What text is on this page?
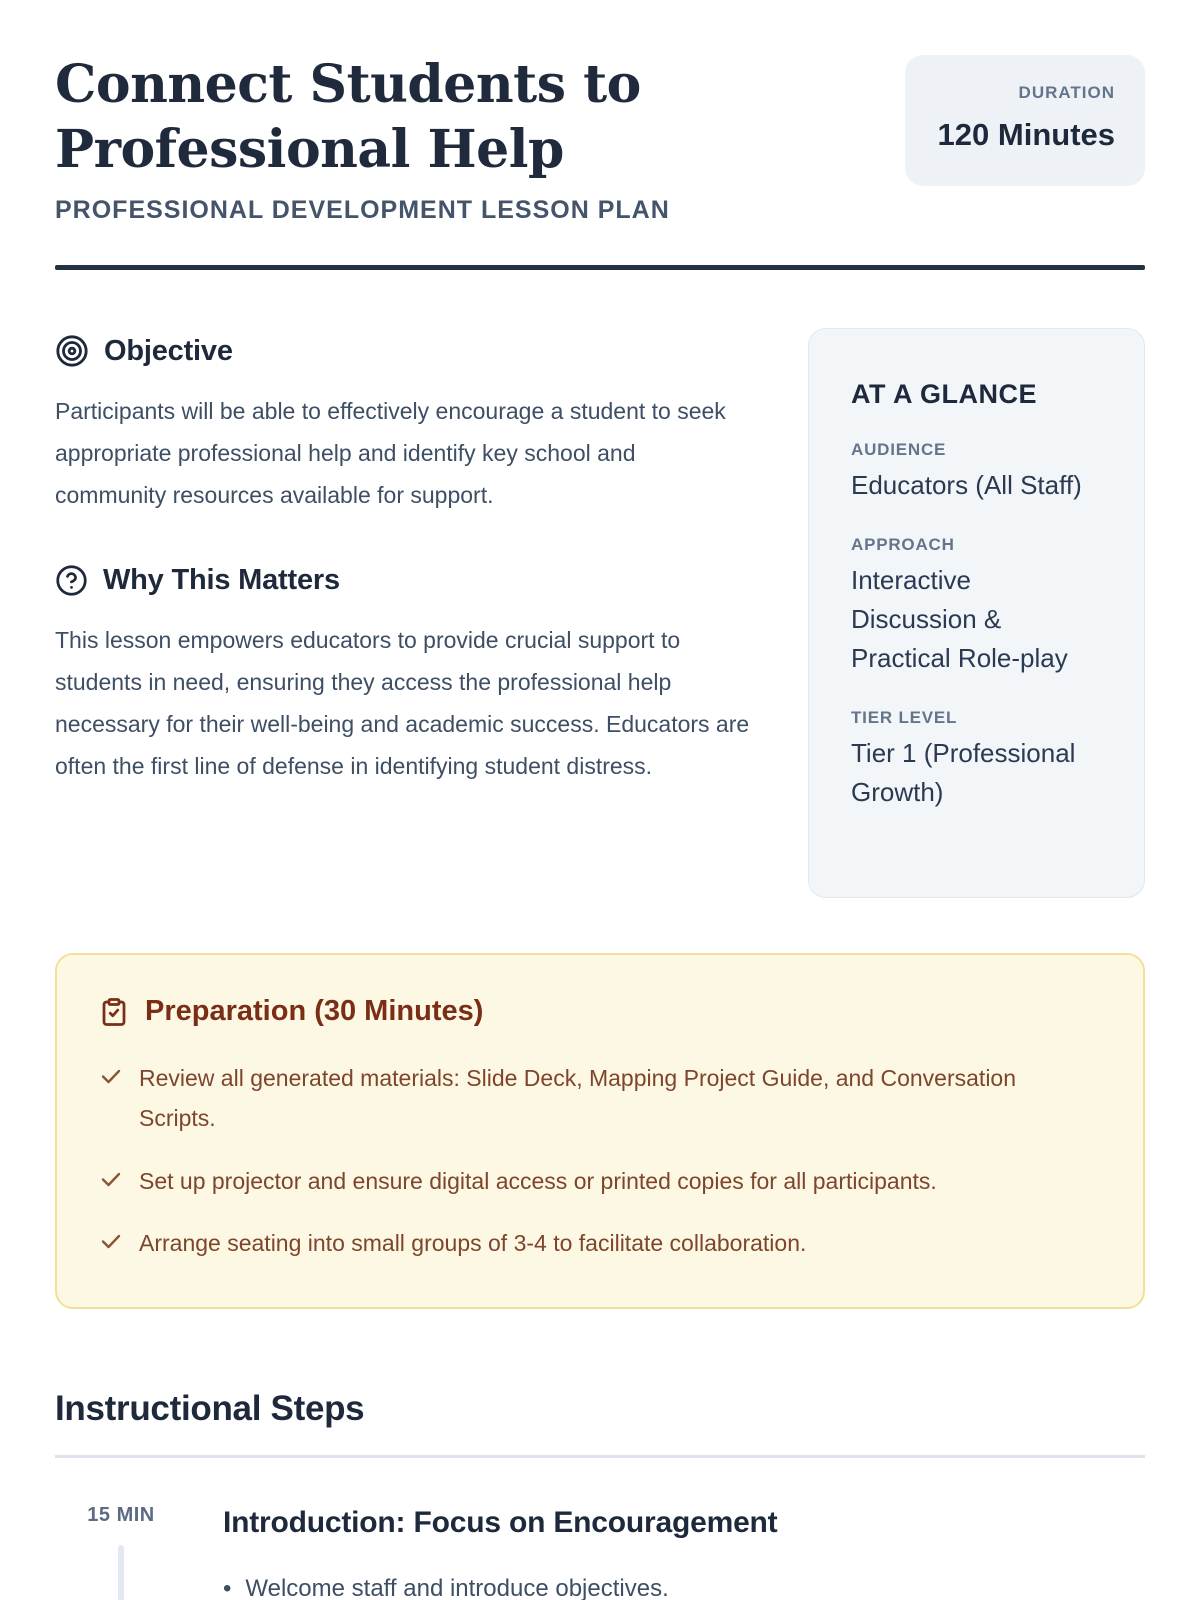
Connect Students to Professional Help
PROFESSIONAL DEVELOPMENT LESSON PLAN
DURATION
120 Minutes
Objective

Participants will be able to effectively encourage a student to seek appropriate professional help and identify key school and community resources available for support.

Why This Matters

This lesson empowers educators to provide crucial support to students in need, ensuring they access the professional help necessary for their well-being and academic success. Educators are often the first line of defense in identifying student distress.

AT A GLANCE
AUDIENCE
Educators (All Staff)
APPROACH
Interactive Discussion & Practical Role-play
TIER LEVEL
Tier 1 (Professional Growth)
Preparation (30 Minutes)
Review all generated materials: Slide Deck, Mapping Project Guide, and Conversation Scripts.
Set up projector and ensure digital access or printed copies for all participants.
Arrange seating into small groups of 3-4 to facilitate collaboration.
Instructional Steps
15 MIN Introduction: Focus on Encouragement
• Welcome staff and introduce objectives.
